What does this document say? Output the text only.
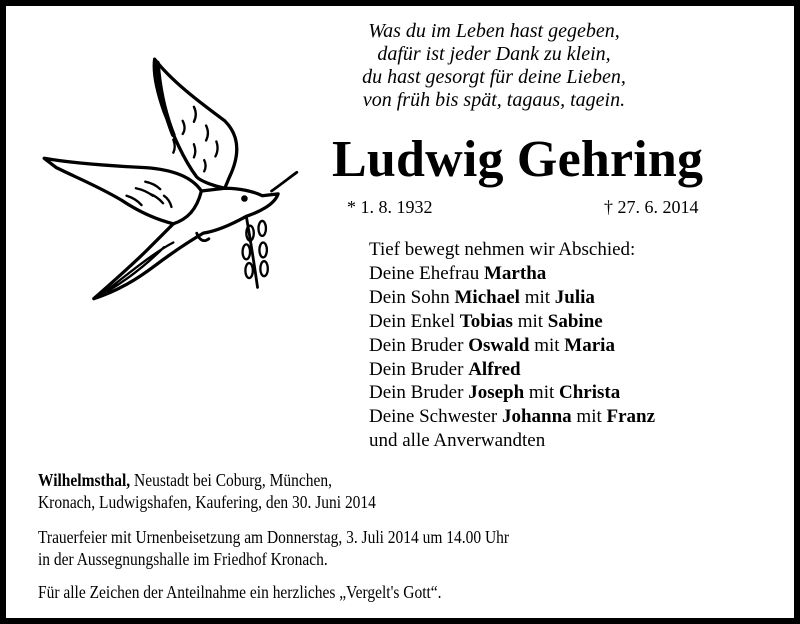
Was du im Leben hast gegeben,
dafür ist jeder Dank zu klein,
du hast gesorgt für deine Lieben,
von früh bis spät, tagaus, tagein.
Ludwig Gehring
* 1. 8. 1932	† 27. 6. 2014
Tief bewegt nehmen wir Abschied:
Deine Ehefrau Martha
Dein Sohn Michael mit Julia
Dein Enkel Tobias mit Sabine
Dein Bruder Oswald mit Maria
Dein Bruder Alfred
Dein Bruder Joseph mit Christa
Deine Schwester Johanna mit Franz
und alle Anverwandten
Wilhelmsthal, Neustadt bei Coburg, München,
Kronach, Ludwigshafen, Kaufering, den 30. Juni 2014
Trauerfeier mit Urnenbeisetzung am Donnerstag, 3. Juli 2014 um 14.00 Uhr
in der Aussegnungshalle im Friedhof Kronach.
Für alle Zeichen der Anteilnahme ein herzliches „Vergelt's Gott“.
